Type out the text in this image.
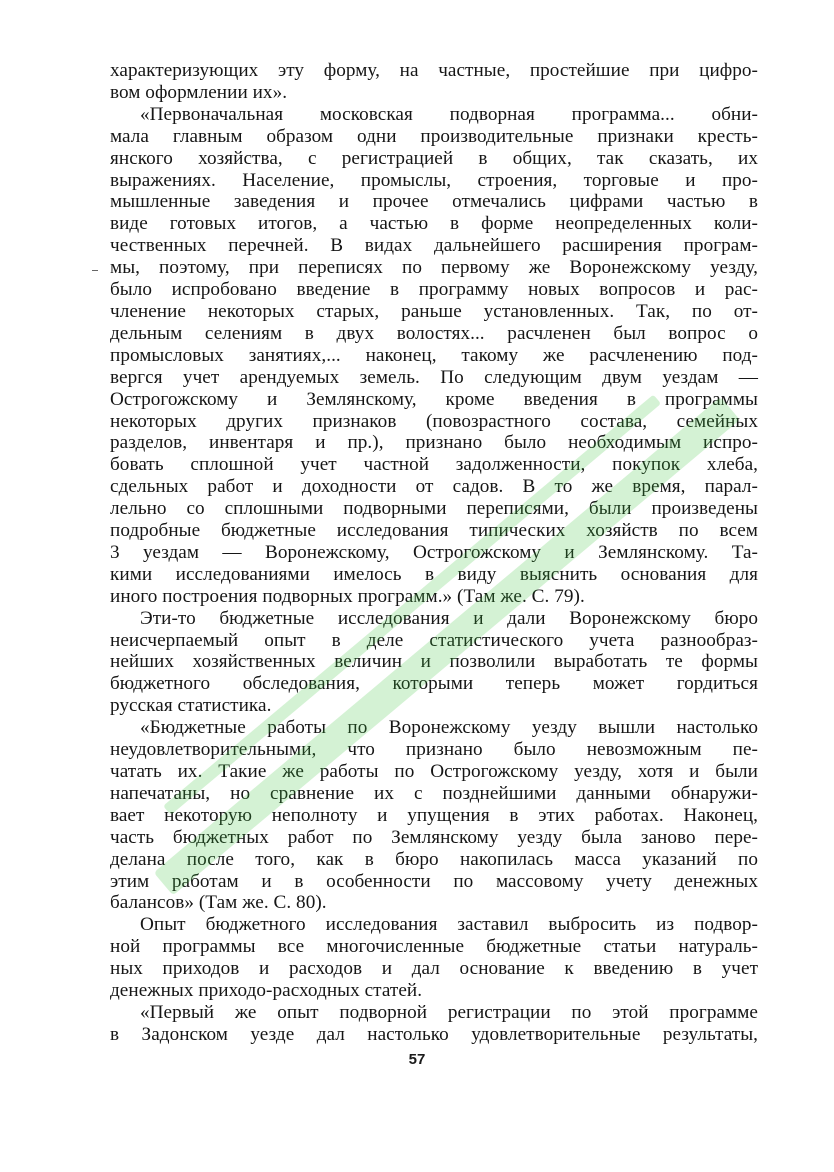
характеризующих эту форму, на частные, простейшие при цифро-

вом оформлении их».

«Первоначальная московская подворная программа... обни-

мала главным образом одни производительные признаки кресть-

янского хозяйства, с регистрацией в общих, так сказать, их

выражениях. Население, промыслы, строения, торговые и про-

мышленные заведения и прочее отмечались цифрами частью в

виде готовых итогов, а частью в форме неопределенных коли-

чественных перечней. В видах дальнейшего расширения програм-

мы, поэтому, при переписях по первому же Воронежскому уезду,

было испробовано введение в программу новых вопросов и рас-

членение некоторых старых, раньше установленных. Так, по от-

дельным селениям в двух волостях... расчленен был вопрос о

промысловых занятиях,... наконец, такому же расчленению под-

вергся учет арендуемых земель. По следующим двум уездам —

Острогожскому и Землянскому, кроме введения в программы

некоторых других признаков (повозрастного состава, семейных

разделов, инвентаря и пр.), признано было необходимым испро-

бовать сплошной учет частной задолженности, покупок хлеба,

сдельных работ и доходности от садов. В то же время, парал-

лельно со сплошными подворными переписями, были произведены

подробные бюджетные исследования типических хозяйств по всем

3 уездам — Воронежскому, Острогожскому и Землянскому. Та-

кими исследованиями имелось в виду выяснить основания для

иного построения подворных программ.» (Там же. С. 79).

Эти-то бюджетные исследования и дали Воронежскому бюро

неисчерпаемый опыт в деле статистического учета разнообраз-

нейших хозяйственных величин и позволили выработать те формы

бюджетного обследования, которыми теперь может гордиться

русская статистика.

«Бюджетные работы по Воронежскому уезду вышли настолько

неудовлетворительными, что признано было невозможным пе-

чатать их. Такие же работы по Острогожскому уезду, хотя и были

напечатаны, но сравнение их с позднейшими данными обнаружи-

вает некоторую неполноту и упущения в этих работах. Наконец,

часть бюджетных работ по Землянскому уезду была заново пере-

делана после того, как в бюро накопилась масса указаний по

этим работам и в особенности по массовому учету денежных

балансов» (Там же. С. 80).

Опыт бюджетного исследования заставил выбросить из подвор-

ной программы все многочисленные бюджетные статьи натураль-

ных приходов и расходов и дал основание к введению в учет

денежных приходо-расходных статей.

«Первый же опыт подворной регистрации по этой программе

в Задонском уезде дал настолько удовлетворительные результаты,

57
